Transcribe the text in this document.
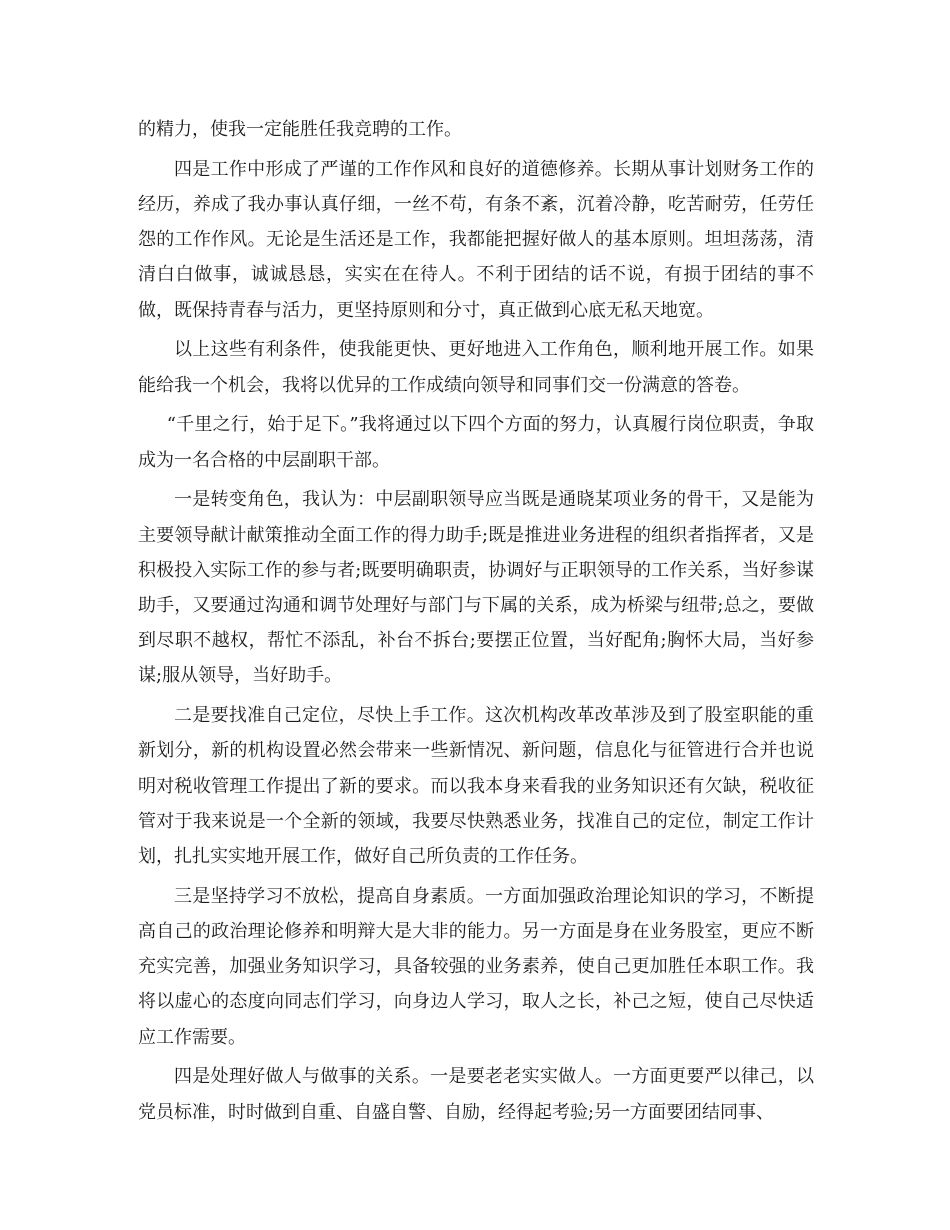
的精力，使我一定能胜任我竞聘的工作。

四是工作中形成了严谨的工作作风和良好的道德修养。长期从事计划财务工作的经历，养成了我办事认真仔细，一丝不苟，有条不紊，沉着冷静，吃苦耐劳，任劳任怨的工作作风。无论是生活还是工作，我都能把握好做人的基本原则。坦坦荡荡，清清白白做事，诚诚恳恳，实实在在待人。不利于团结的话不说，有损于团结的事不做，既保持青春与活力，更坚持原则和分寸，真正做到心底无私天地宽。

以上这些有利条件，使我能更快、更好地进入工作角色，顺利地开展工作。如果能给我一个机会，我将以优异的工作成绩向领导和同事们交一份满意的答卷。

“千里之行，始于足下。”我将通过以下四个方面的努力，认真履行岗位职责，争取成为一名合格的中层副职干部。

一是转变角色，我认为：中层副职领导应当既是通晓某项业务的骨干，又是能为主要领导献计献策推动全面工作的得力助手;既是推进业务进程的组织者指挥者，又是积极投入实际工作的参与者;既要明确职责，协调好与正职领导的工作关系，当好参谋助手，又要通过沟通和调节处理好与部门与下属的关系，成为桥梁与纽带;总之，要做到尽职不越权，帮忙不添乱，补台不拆台;要摆正位置，当好配角;胸怀大局，当好参谋;服从领导，当好助手。

二是要找准自己定位，尽快上手工作。这次机构改革改革涉及到了股室职能的重新划分，新的机构设置必然会带来一些新情况、新问题，信息化与征管进行合并也说明对税收管理工作提出了新的要求。而以我本身来看我的业务知识还有欠缺，税收征管对于我来说是一个全新的领域，我要尽快熟悉业务，找准自己的定位，制定工作计划，扎扎实实地开展工作，做好自己所负责的工作任务。

三是坚持学习不放松，提高自身素质。一方面加强政治理论知识的学习，不断提高自己的政治理论修养和明辩大是大非的能力。另一方面是身在业务股室，更应不断充实完善，加强业务知识学习，具备较强的业务素养，使自己更加胜任本职工作。我将以虚心的态度向同志们学习，向身边人学习，取人之长，补己之短，使自己尽快适应工作需要。

四是处理好做人与做事的关系。一是要老老实实做人。一方面更要严以律己，以党员标准，时时做到自重、自盛自警、自励，经得起考验;另一方面要团结同事、
